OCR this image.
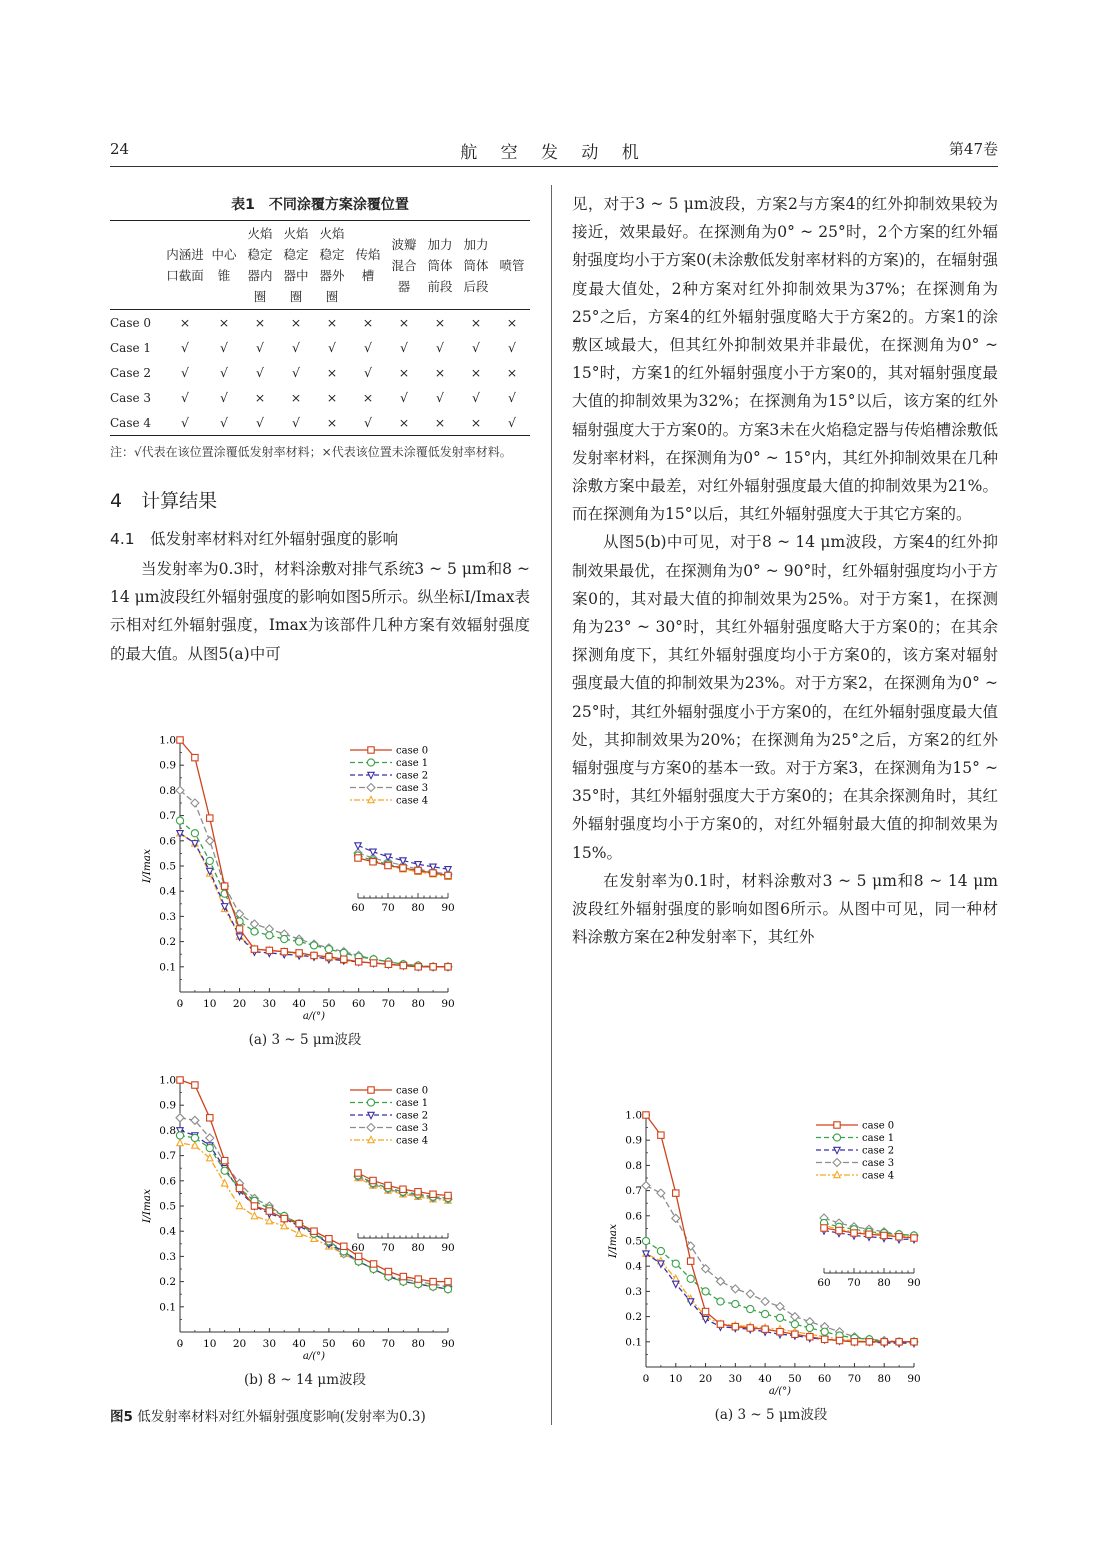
24	航 空 发 动 机	第47卷
表1　不同涂覆方案涂覆位置
	内涵进口截面	中心锥	火焰稳定器内圈	火焰稳定器中圈	火焰稳定器外圈	传焰槽	波瓣混合器	加力筒体前段	加力筒体后段	喷管
Case 0	×	×	×	×	×	×	×	×	×	×
Case 1	√	√	√	√	√	√	√	√	√	√
Case 2	√	√	√	√	×	√	×	×	×	×
Case 3	√	√	×	×	×	×	√	√	√	√
Case 4	√	√	√	√	×	√	×	×	×	√
注：√代表在该位置涂覆低发射率材料；×代表该位置未涂覆低发射率材料。
4　计算结果
4.1　低发射率材料对红外辐射强度的影响

当发射率为0.3时，材料涂敷对排气系统3 ~ 5 μm和8 ~ 14 μm波段红外辐射强度的影响如图5所示。纵坐标I/Imax表示相对红外辐射强度，Imax为该部件几种方案有效辐射强度的最大值。从图5(a)中可

见，对于3 ~ 5 μm波段，方案2与方案4的红外抑制效果较为接近，效果最好。在探测角为0° ~ 25°时，2个方案的红外辐射强度均小于方案0(未涂敷低发射率材料的方案)的，在辐射强度最大值处，2种方案对红外抑制效果为37%；在探测角为25°之后，方案4的红外辐射强度略大于方案2的。方案1的涂敷区域最大，但其红外抑制效果并非最优，在探测角为0° ~ 15°时，方案1的红外辐射强度小于方案0的，其对辐射强度最大值的抑制效果为32%；在探测角为15°以后，该方案的红外辐射强度大于方案0的。方案3未在火焰稳定器与传焰槽涂敷低发射率材料，在探测角为0° ~ 15°内，其红外抑制效果在几种涂敷方案中最差，对红外辐射强度最大值的抑制效果为21%。而在探测角为15°以后，其红外辐射强度大于其它方案的。

从图5(b)中可见，对于8 ~ 14 μm波段，方案4的红外抑制效果最优，在探测角为0° ~ 90°时，红外辐射强度均小于方案0的，其对最大值的抑制效果为25%。对于方案1，在探测角为23° ~ 30°时，其红外辐射强度略大于方案0的；在其余探测角度下，其红外辐射强度均小于方案0的，该方案对辐射强度最大值的抑制效果为23%。对于方案2，在探测角为0° ~ 25°时，其红外辐射强度小于方案0的，在红外辐射强度最大值处，其抑制效果为20%；在探测角为25°之后，方案2的红外辐射强度与方案0的基本一致。对于方案3，在探测角为15° ~ 35°时，其红外辐射强度大于方案0的；在其余探测角时，其红外辐射强度均小于方案0的，对红外辐射最大值的抑制效果为15%。

在发射率为0.1时，材料涂敷对3 ~ 5 μm和8 ~ 14 μm波段红外辐射强度的影响如图6所示。从图中可见，同一种材料涂敷方案在2种发射率下，其红外

0.1
0.2
0.3
0.4
0.5
0.6
0.7
0.8
0.9
1.0
0 10 20 30 40 50 60 70 80 90
a/(°)
I/Imax
case 0
case 1
case 2
case 3
case 4
60 70 80 90
(a) 3 ~ 5 μm波段
0.1
0.2
0.3
0.4
0.5
0.6
0.7
0.8
0.9
1.0
0 10 20 30 40 50 60 70 80 90
a/(°)
I/Imax
case 0
case 1
case 2
case 3
case 4
60 70 80 90
(b) 8 ~ 14 μm波段
图5 低发射率材料对红外辐射强度影响(发射率为0.3)
0.1
0.2
0.3
0.4
0.5
0.6
0.7
0.8
0.9
1.0
0 10 20 30 40 50 60 70 80 90
a/(°)
I/Imax
case 0
case 1
case 2
case 3
case 4
60 70 80 90
(a) 3 ~ 5 μm波段
